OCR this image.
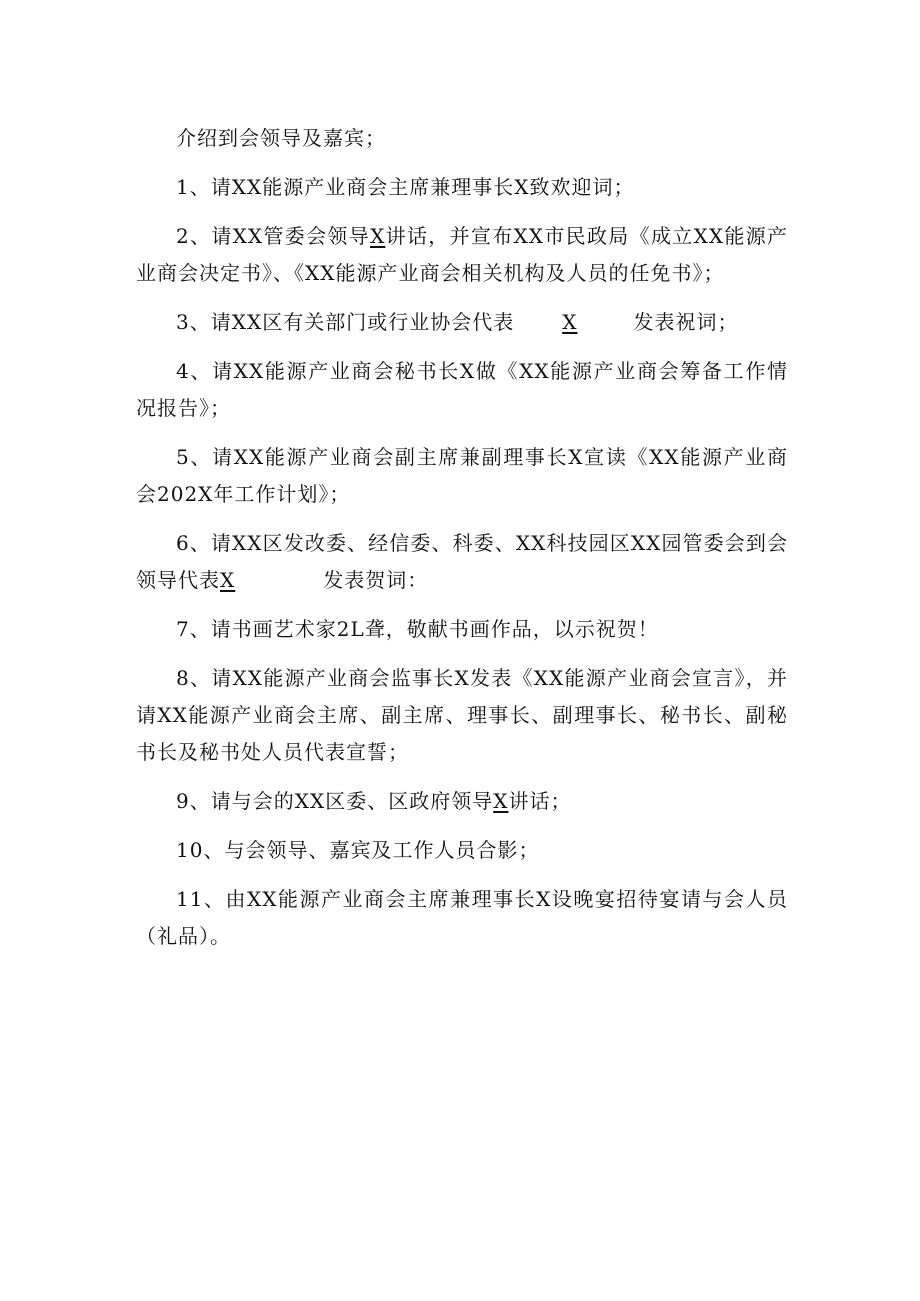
介绍到会领导及嘉宾；

1、请XX能源产业商会主席兼理事长X致欢迎词；

2、请XX管委会领导X讲话，并宣布XX市民政局《成立XX能源产业商会决定书》、《XX能源产业商会相关机构及人员的任免书》；

3、请XX区有关部门或行业协会代表 X	发表祝词；

4、请XX能源产业商会秘书长X做《XX能源产业商会筹备工作情况报告》；

5、请XX能源产业商会副主席兼副理事长X宣读《XX能源产业商会202X年工作计划》；

6、请XX区发改委、经信委、科委、XX科技园区XX园管委会到会领导代表X	发表贺词：

7、请书画艺术家2L聋，敬献书画作品，以示祝贺！

8、请XX能源产业商会监事长X发表《XX能源产业商会宣言》，并请XX能源产业商会主席、副主席、理事长、副理事长、秘书长、副秘书长及秘书处人员代表宣誓；

9、请与会的XX区委、区政府领导X讲话；

10、与会领导、嘉宾及工作人员合影；

11、由XX能源产业商会主席兼理事长X设晚宴招待宴请与会人员（礼品）。
